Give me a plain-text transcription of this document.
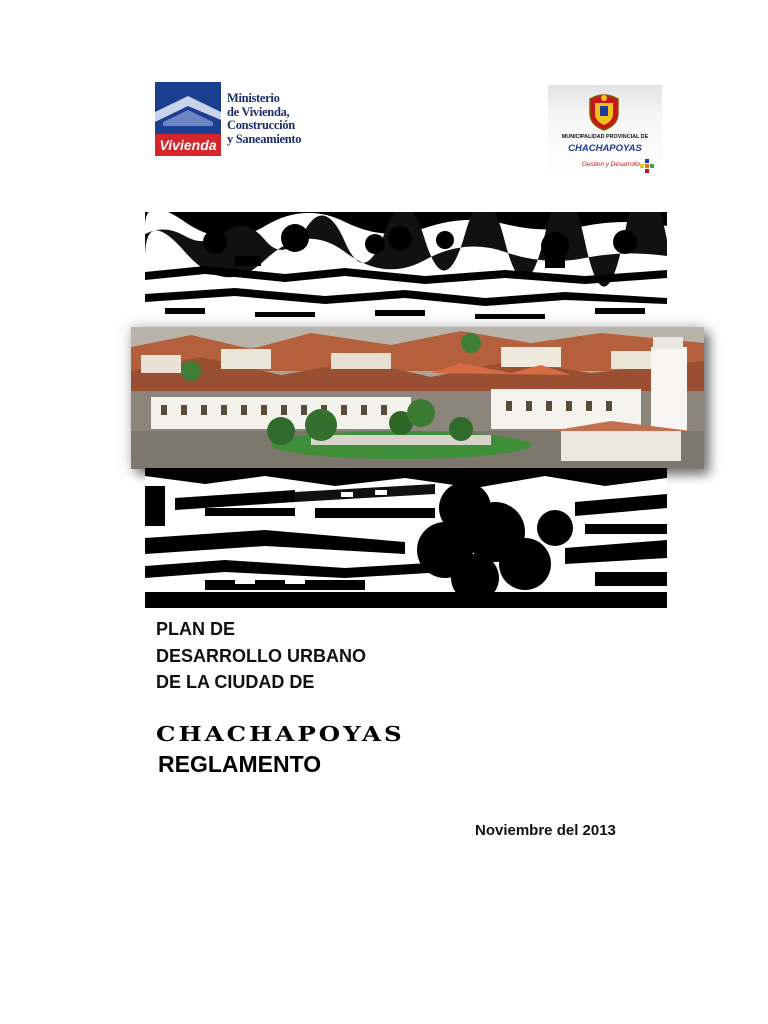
Vivienda
Ministerio
de Vivienda,
Construcción
y Saneamiento	MUNICIPALIDAD PROVINCIAL DE
CHACHAPOYAS
Gestion y Desarrollo
PLAN DE
DESARROLLO URBANO
DE LA CIUDAD DE
CHACHAPOYAS
REGLAMENTO
Noviembre del 2013
